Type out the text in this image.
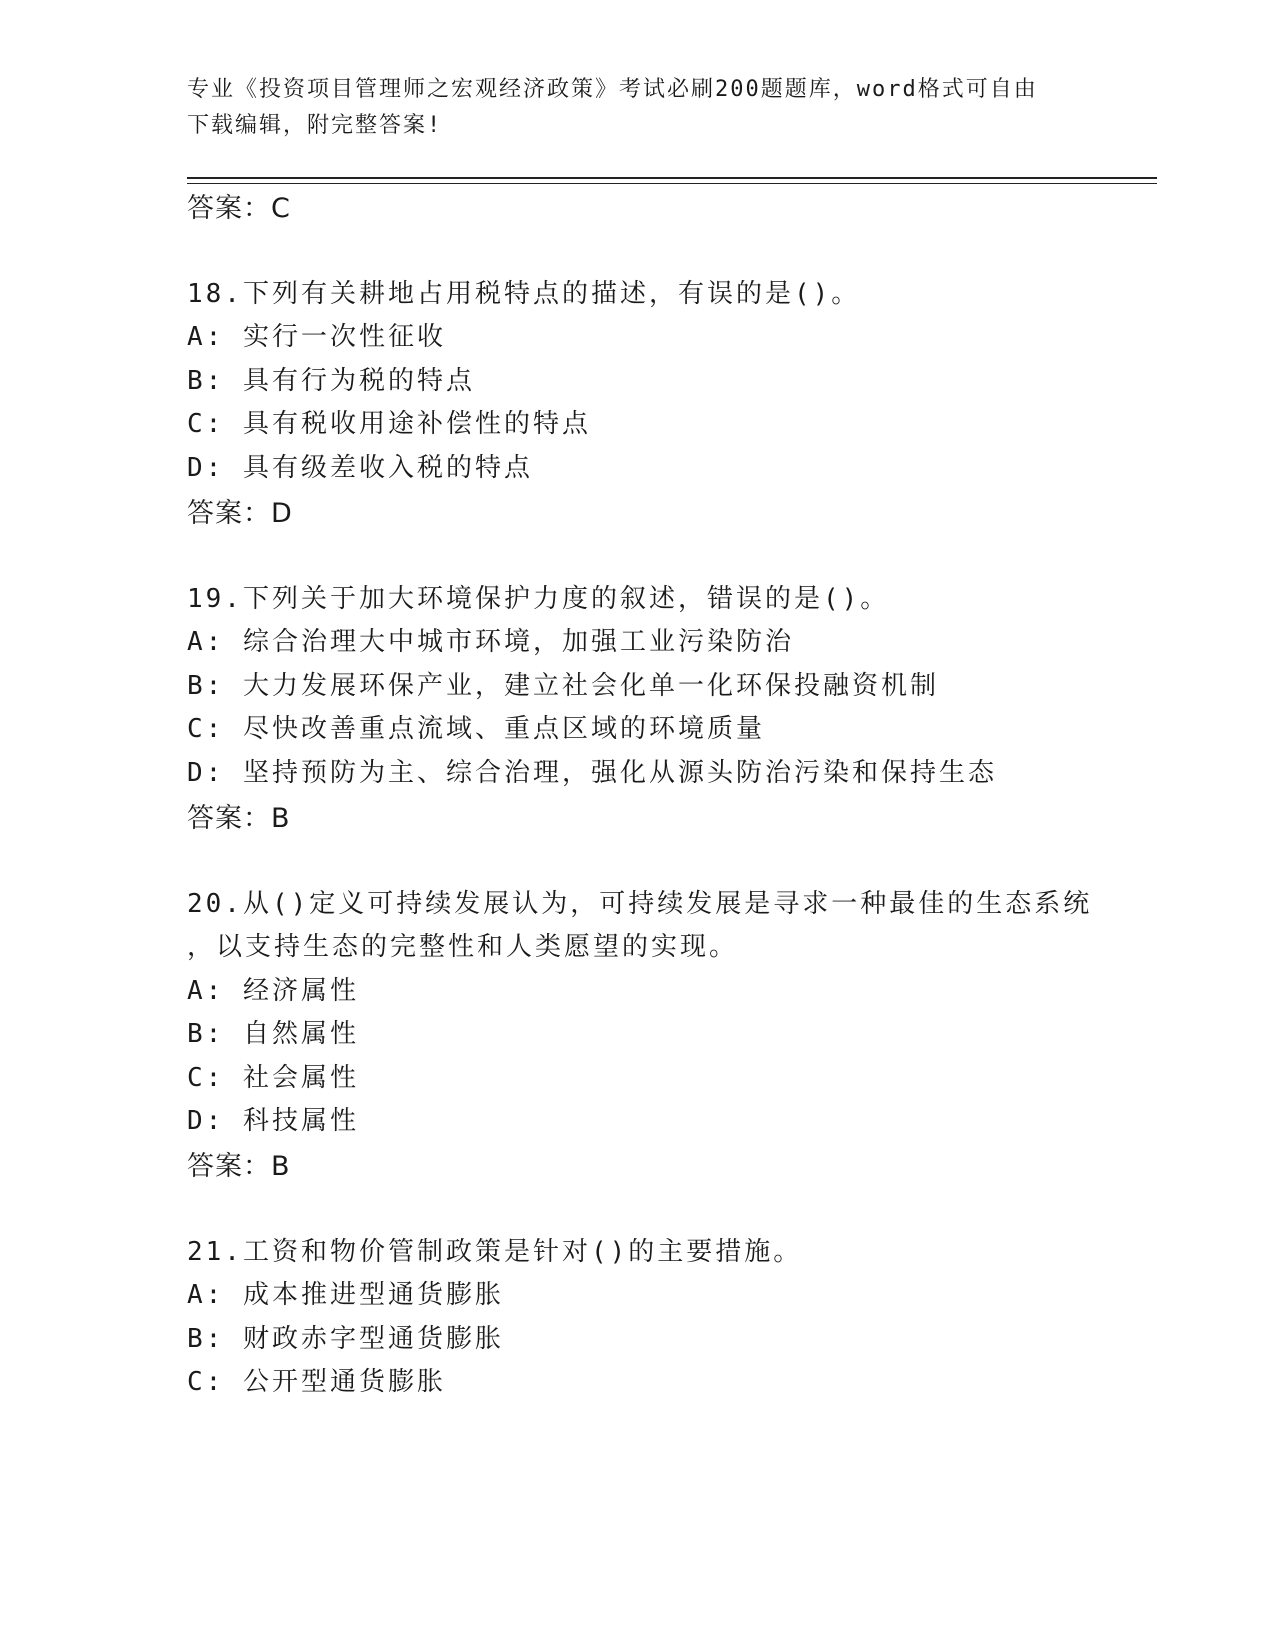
专业《投资项目管理师之宏观经济政策》考试必刷200题题库，word格式可自由
下载编辑，附完整答案!
答案：C
18.下列有关耕地占用税特点的描述，有误的是()。
A: 实行一次性征收
B: 具有行为税的特点
C: 具有税收用途补偿性的特点
D: 具有级差收入税的特点
答案：D
19.下列关于加大环境保护力度的叙述，错误的是()。
A: 综合治理大中城市环境，加强工业污染防治
B: 大力发展环保产业，建立社会化单一化环保投融资机制
C: 尽快改善重点流域、重点区域的环境质量
D: 坚持预防为主、综合治理，强化从源头防治污染和保持生态
答案：B
20.从()定义可持续发展认为，可持续发展是寻求一种最佳的生态系统
，以支持生态的完整性和人类愿望的实现。
A: 经济属性
B: 自然属性
C: 社会属性
D: 科技属性
答案：B
21.工资和物价管制政策是针对()的主要措施。
A: 成本推进型通货膨胀
B: 财政赤字型通货膨胀
C: 公开型通货膨胀
